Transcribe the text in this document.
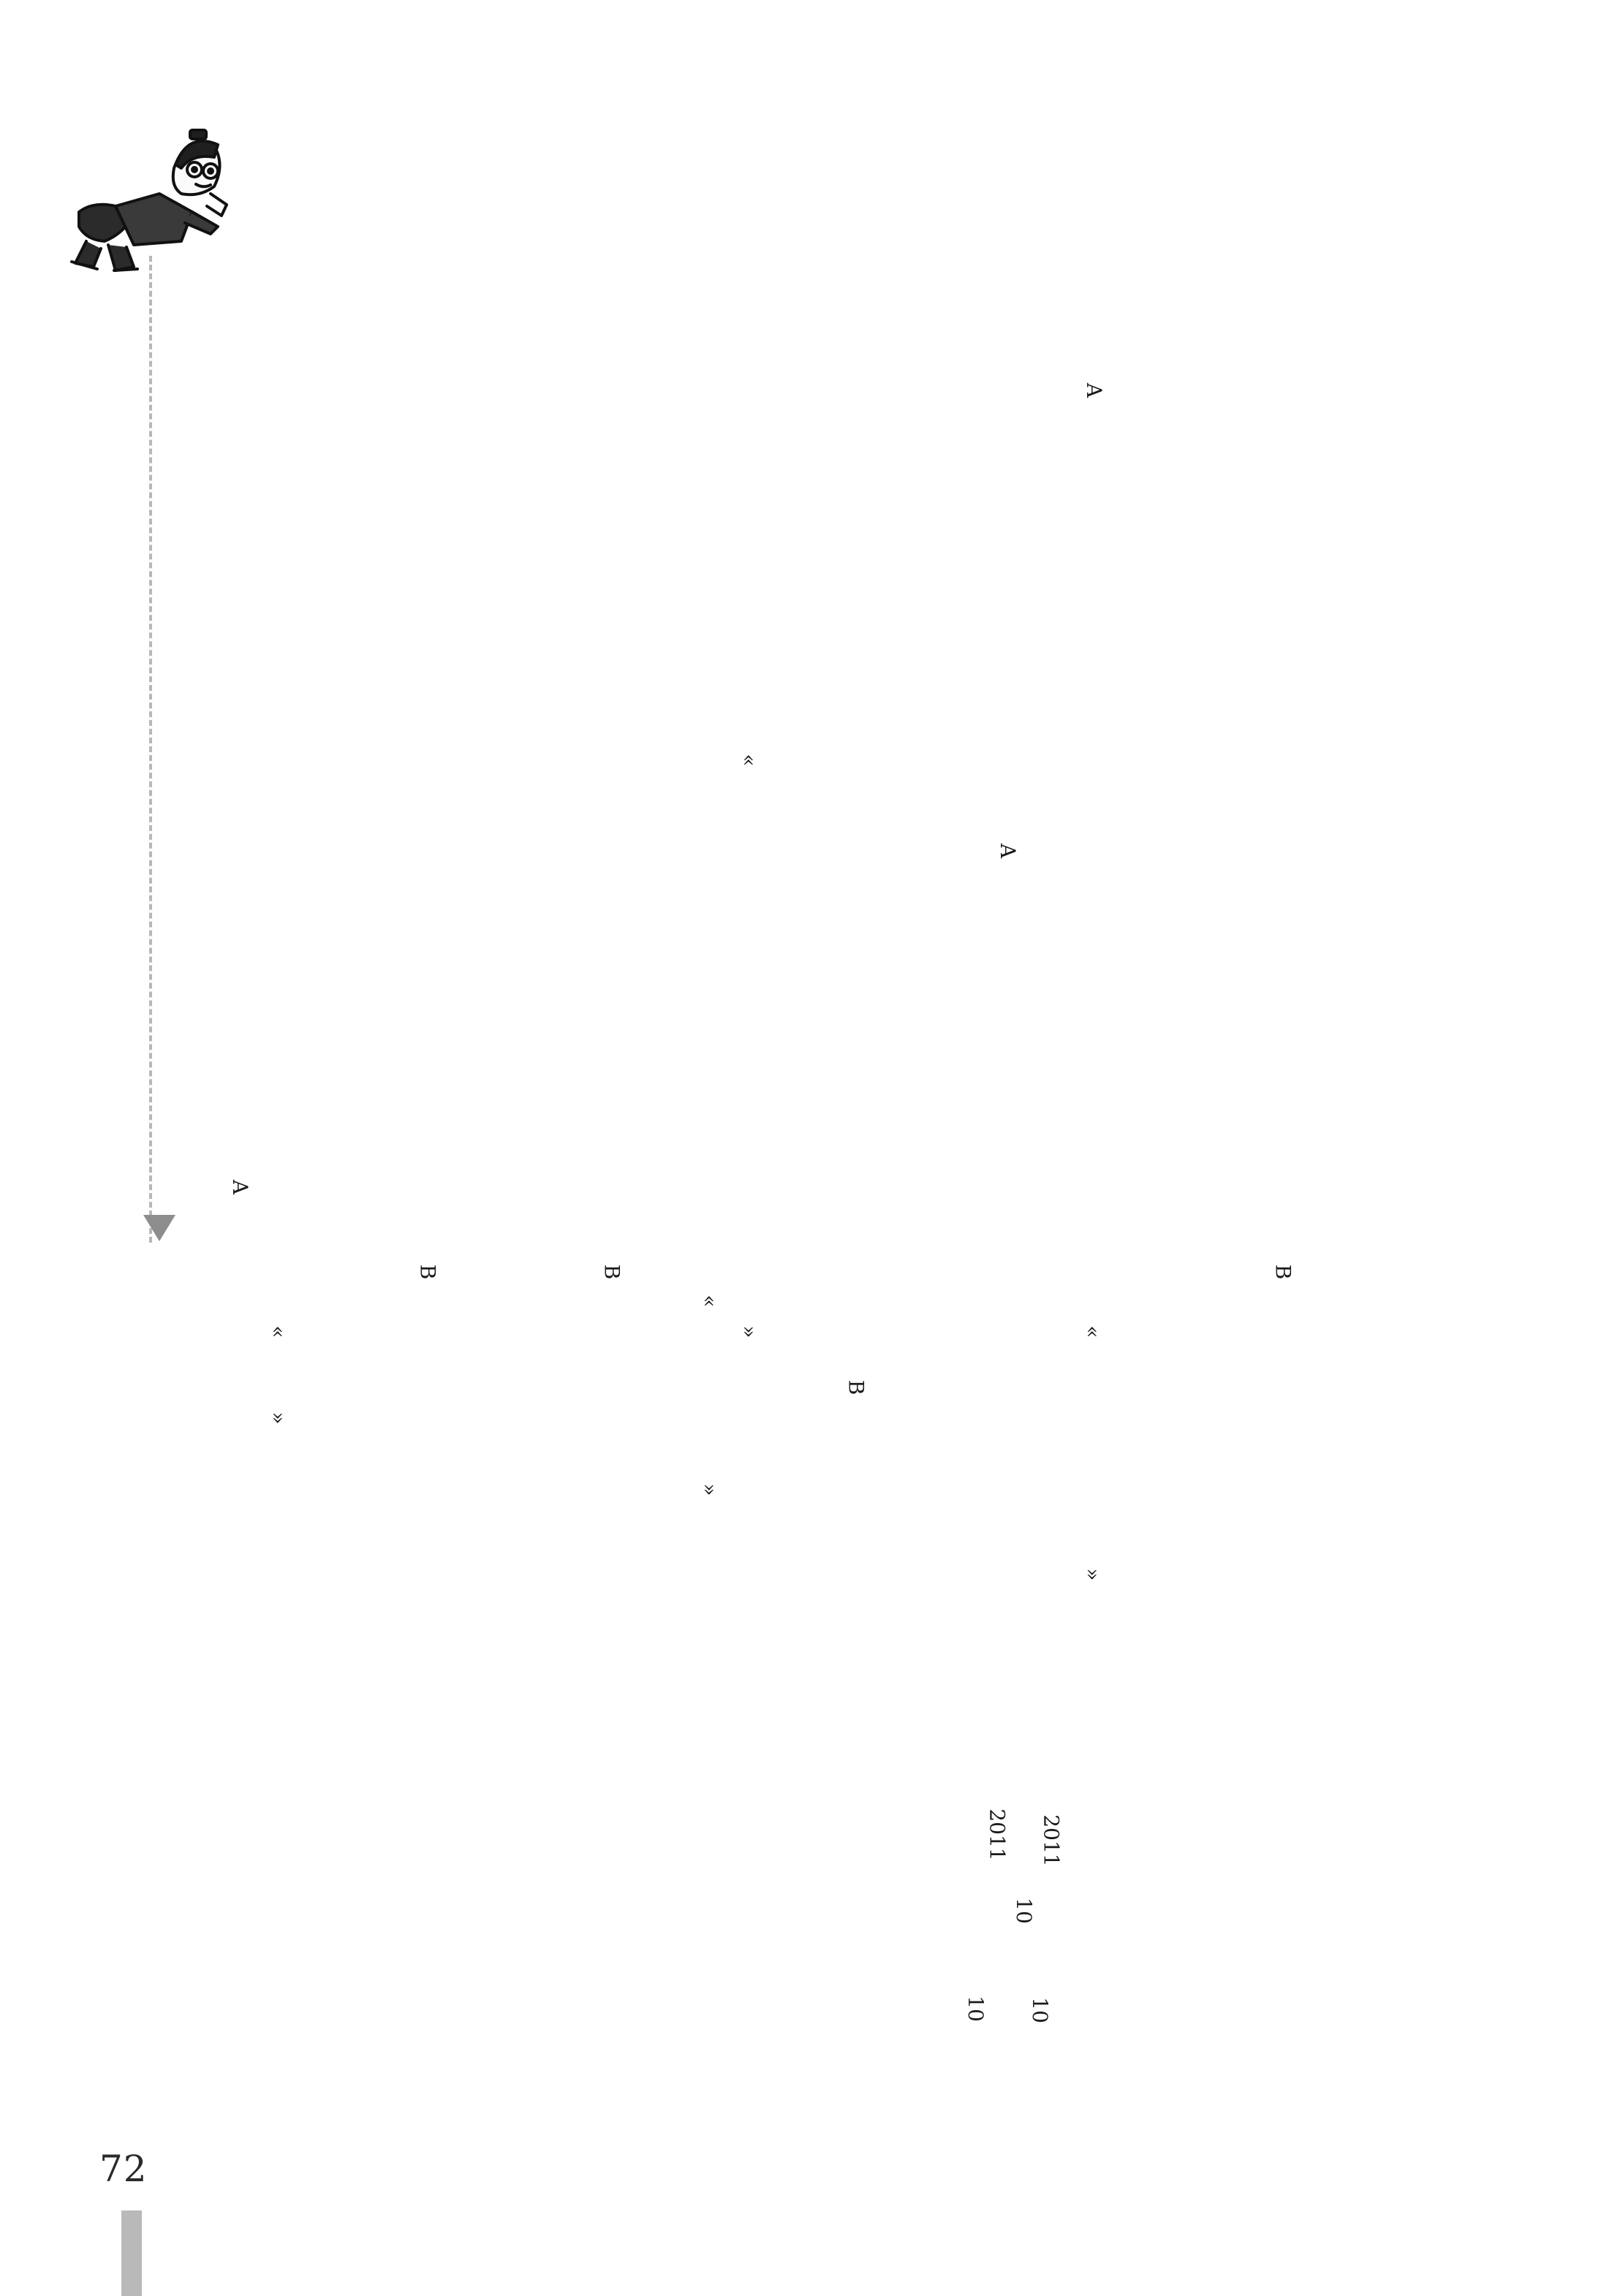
A
A
A
B	B
B
B
2011
10
2011
10 10
«
»
«
»
«
»	«
»
72
